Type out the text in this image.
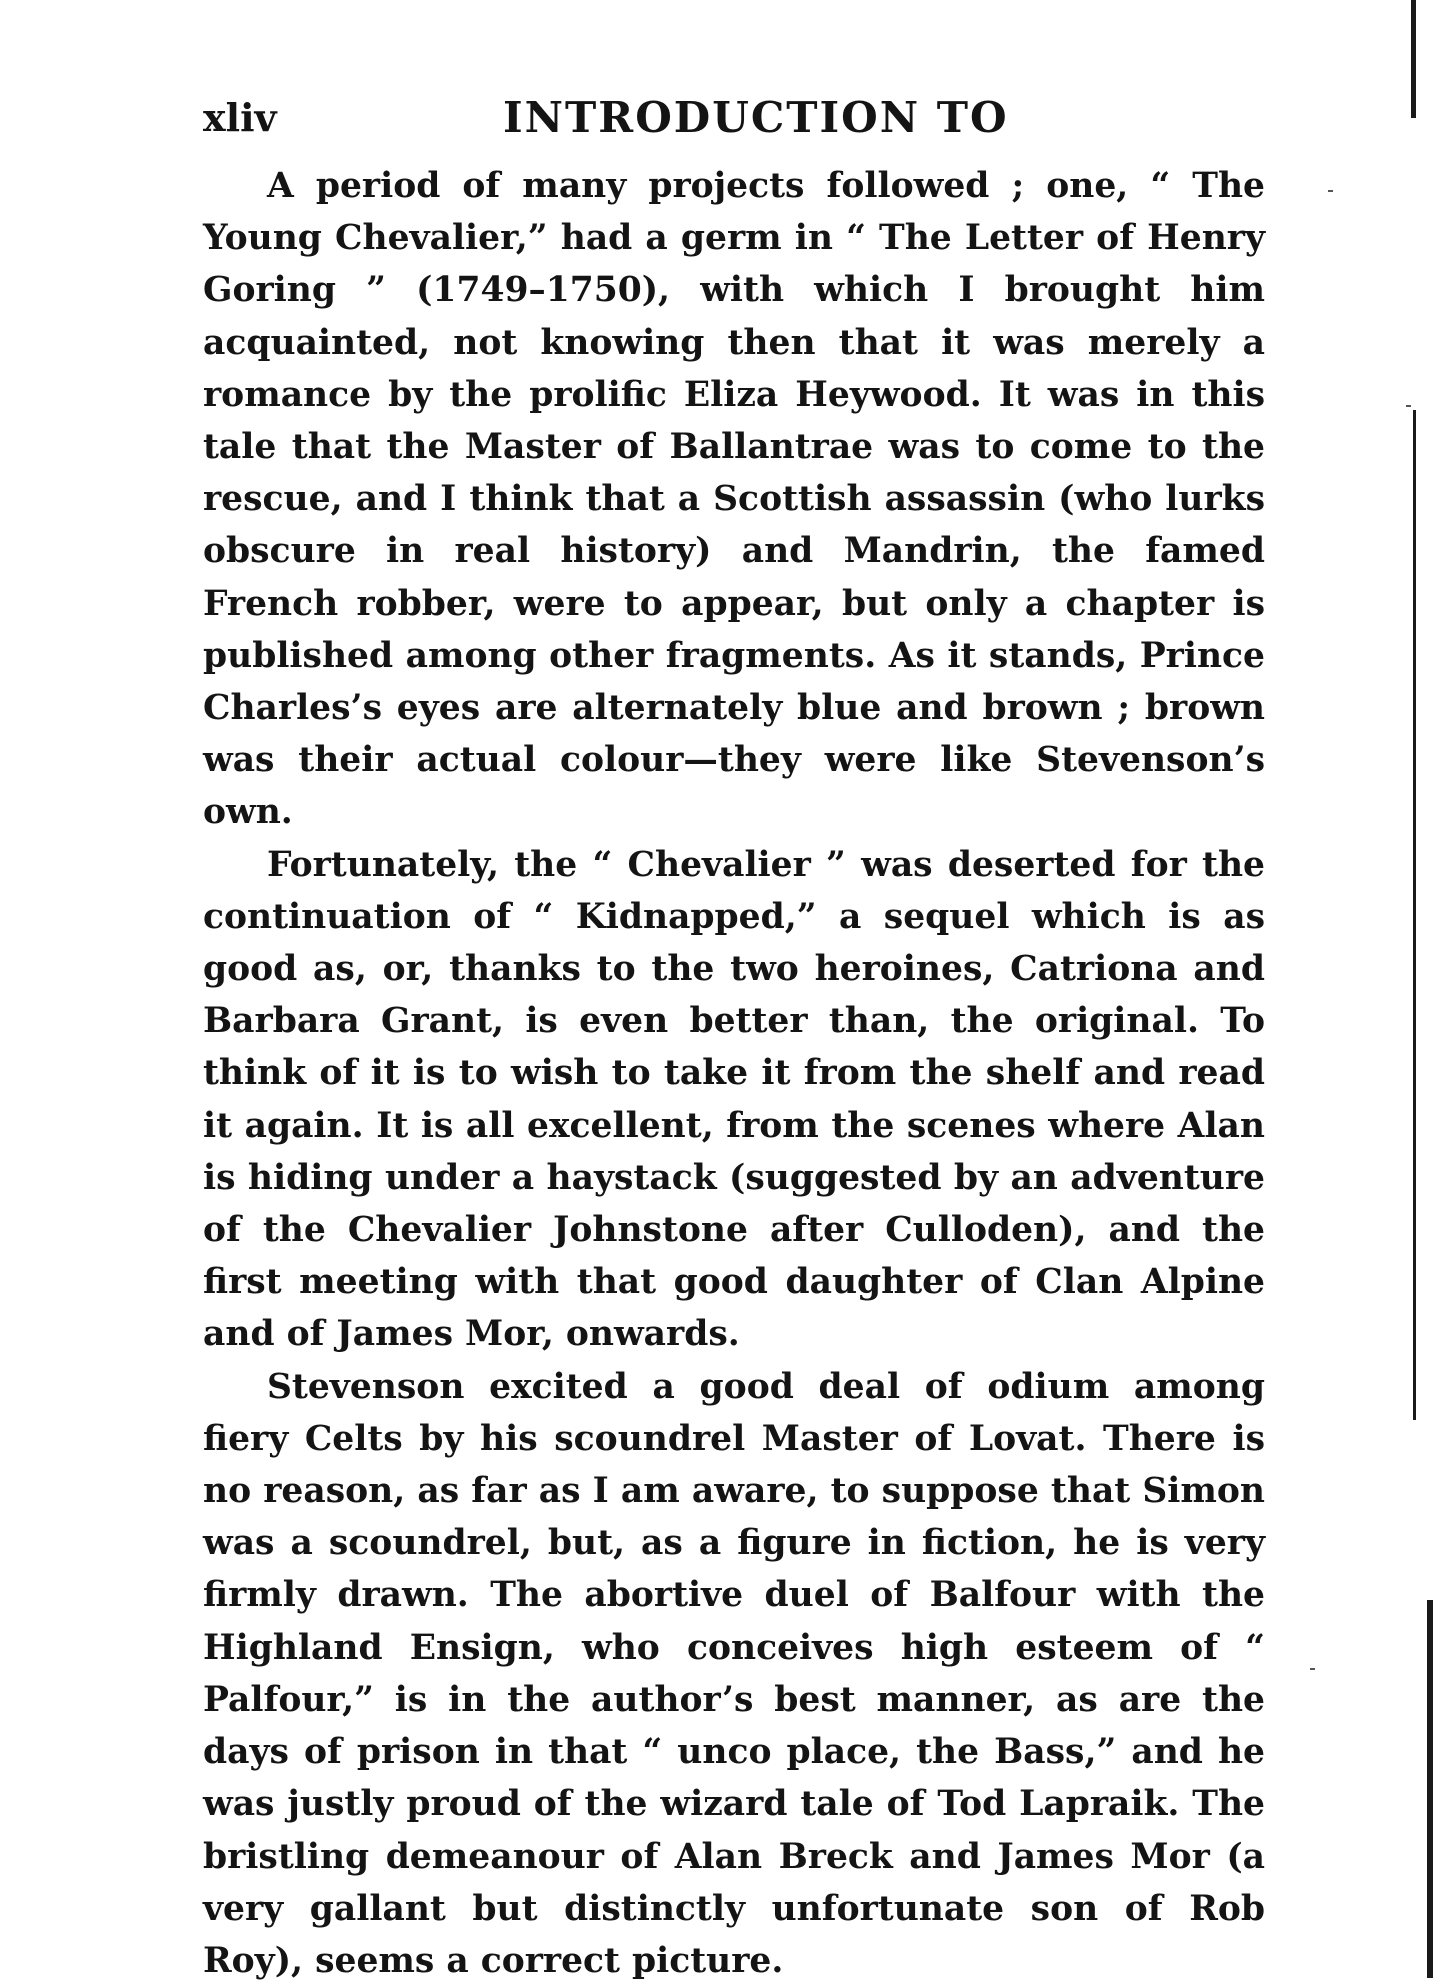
xliv	INTRODUCTION TO

A period of many projects followed ; one, “ The Young Chevalier,” had a germ in “ The Letter of Henry Goring ” (1749–1750), with which I brought him acquainted, not knowing then that it was merely a romance by the prolific Eliza Heywood. It was in this tale that the Master of Ballantrae was to come to the rescue, and I think that a Scottish assassin (who lurks obscure in real history) and Mandrin, the famed French robber, were to appear, but only a chapter is published among other fragments. As it stands, Prince Charles’s eyes are alternately blue and brown ; brown was their actual colour—they were like Stevenson’s own.

Fortunately, the “ Chevalier ” was deserted for the continuation of “ Kidnapped,” a sequel which is as good as, or, thanks to the two heroines, Catriona and Barbara Grant, is even better than, the original. To think of it is to wish to take it from the shelf and read it again. It is all excellent, from the scenes where Alan is hiding under a haystack (suggested by an adventure of the Chevalier Johnstone after Culloden), and the first meeting with that good daughter of Clan Alpine and of James Mor, onwards.

Stevenson excited a good deal of odium among fiery Celts by his scoundrel Master of Lovat. There is no reason, as far as I am aware, to suppose that Simon was a scoundrel, but, as a figure in fiction, he is very firmly drawn. The abortive duel of Balfour with the Highland Ensign, who conceives high esteem of “ Palfour,” is in the author’s best manner, as are the days of prison in that “ unco place, the Bass,” and he was justly proud of the wizard tale of Tod Lapraik. The bristling demeanour of Alan Breck and James Mor (a very gallant but distinctly unfortunate son of Rob Roy), seems a correct picture.
